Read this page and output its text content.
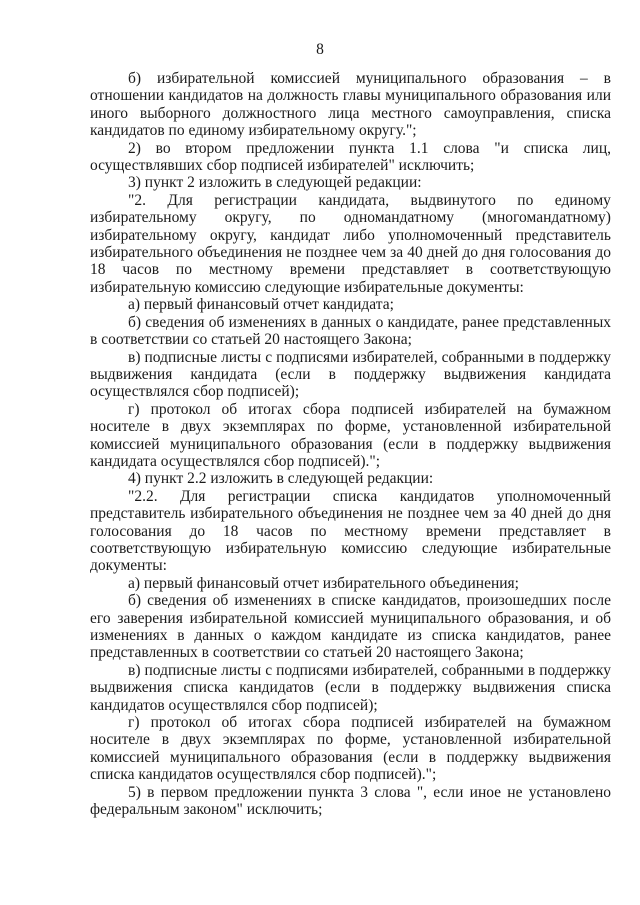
8

б) избирательной комиссией муниципального образования – в отношении кандидатов на должность главы муниципального образования или иного выборного должностного лица местного самоуправления, списка кандидатов по единому избирательному округу.";

2) во втором предложении пункта 1.1 слова "и списка лиц, осуществлявших сбор подписей избирателей" исключить;

3) пункт 2 изложить в следующей редакции:

"2. Для регистрации кандидата, выдвинутого по единому
избирательному округу, по одномандатному (многомандатному)

избирательному округу, кандидат либо уполномоченный представитель избирательного объединения не позднее чем за 40 дней до дня голосования до 18 часов по местному времени представляет в соответствующую избирательную комиссию следующие избирательные документы:

а) первый финансовый отчет кандидата;

б) сведения об изменениях в данных о кандидате, ранее представленных в соответствии со статьей 20 настоящего Закона;

в) подписные листы с подписями избирателей, собранными в поддержку выдвижения кандидата (если в поддержку выдвижения кандидата осуществлялся сбор подписей);

г) протокол об итогах сбора подписей избирателей на бумажном носителе в двух экземплярах по форме, установленной избирательной комиссией муниципального образования (если в поддержку выдвижения кандидата осуществлялся сбор подписей).";

4) пункт 2.2 изложить в следующей редакции:

"2.2. Для регистрации списка кандидатов уполномоченный

представитель избирательного объединения не позднее чем за 40 дней до дня голосования до 18 часов по местному времени представляет в соответствующую избирательную комиссию следующие избирательные документы:

а) первый финансовый отчет избирательного объединения;

б) сведения об изменениях в списке кандидатов, произошедших после его заверения избирательной комиссией муниципального образования, и об изменениях в данных о каждом кандидате из списка кандидатов, ранее представленных в соответствии со статьей 20 настоящего Закона;

в) подписные листы с подписями избирателей, собранными в поддержку выдвижения списка кандидатов (если в поддержку выдвижения списка кандидатов осуществлялся сбор подписей);

г) протокол об итогах сбора подписей избирателей на бумажном носителе в двух экземплярах по форме, установленной избирательной комиссией муниципального образования (если в поддержку выдвижения списка кандидатов осуществлялся сбор подписей).";

5) в первом предложении пункта 3 слова ", если иное не установлено федеральным законом" исключить;
